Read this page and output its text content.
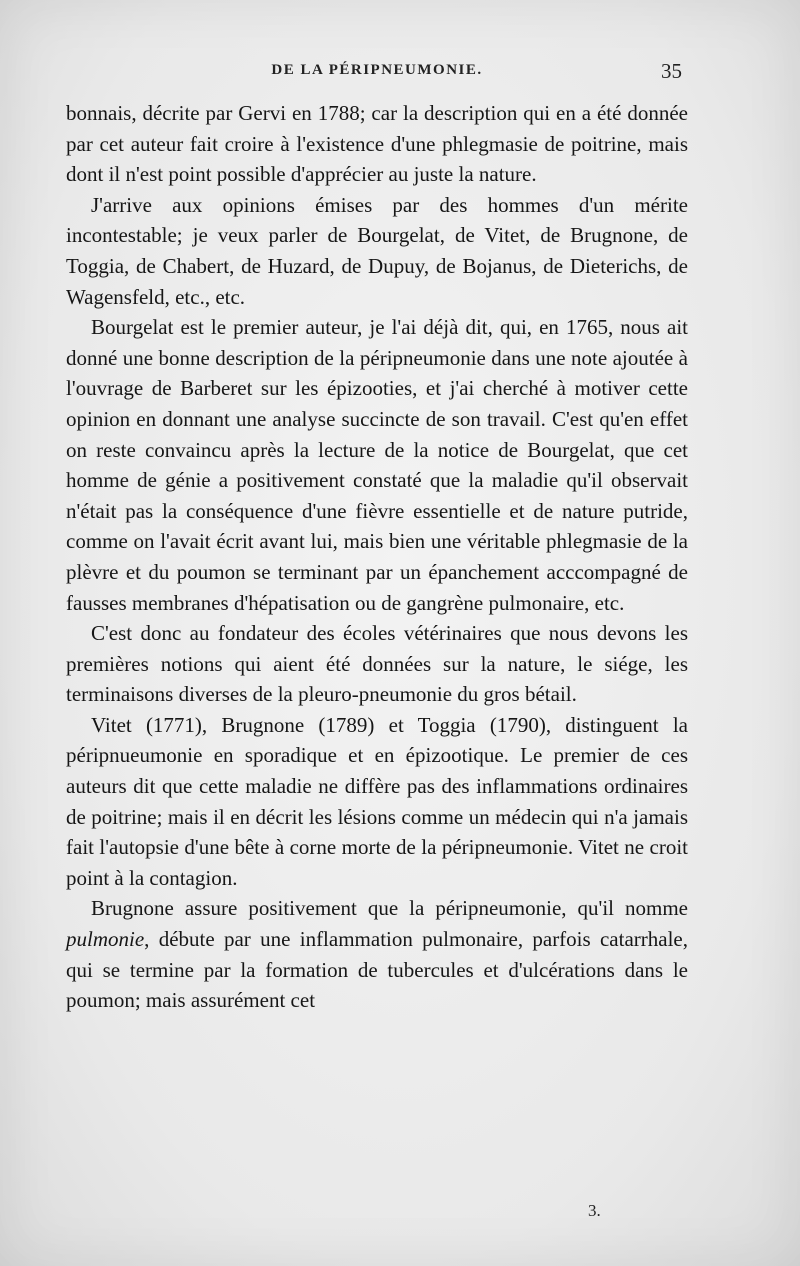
DE LA PÉRIPNEUMONIE.	35

bonnais, décrite par Gervi en 1788; car la description qui en a été donnée par cet auteur fait croire à l'existence d'une phlegmasie de poitrine, mais dont il n'est point possible d'apprécier au juste la nature.

J'arrive aux opinions émises par des hommes d'un mérite incontestable; je veux parler de Bourgelat, de Vitet, de Brugnone, de Toggia, de Chabert, de Huzard, de Dupuy, de Bojanus, de Dieterichs, de Wagensfeld, etc., etc.

Bourgelat est le premier auteur, je l'ai déjà dit, qui, en 1765, nous ait donné une bonne description de la péripneumonie dans une note ajoutée à l'ouvrage de Barberet sur les épizooties, et j'ai cherché à motiver cette opinion en donnant une analyse succincte de son travail. C'est qu'en effet on reste convaincu après la lecture de la notice de Bourgelat, que cet homme de génie a positivement constaté que la maladie qu'il observait n'était pas la conséquence d'une fièvre essentielle et de nature putride, comme on l'avait écrit avant lui, mais bien une véritable phlegmasie de la plèvre et du poumon se terminant par un épanchement acccompagné de fausses membranes d'hépatisation ou de gangrène pulmonaire, etc.

C'est donc au fondateur des écoles vétérinaires que nous devons les premières notions qui aient été données sur la nature, le siége, les terminaisons diverses de la pleuro-pneumonie du gros bétail.

Vitet (1771), Brugnone (1789) et Toggia (1790), distinguent la péripnueumonie en sporadique et en épizootique. Le premier de ces auteurs dit que cette maladie ne diffère pas des inflammations ordinaires de poitrine; mais il en décrit les lésions comme un médecin qui n'a jamais fait l'autopsie d'une bête à corne morte de la péripneumonie. Vitet ne croit point à la contagion.

Brugnone assure positivement que la péripneumonie, qu'il nomme pulmonie, débute par une inflammation pulmonaire, parfois catarrhale, qui se termine par la formation de tubercules et d'ulcérations dans le poumon; mais assurément cet

3.
